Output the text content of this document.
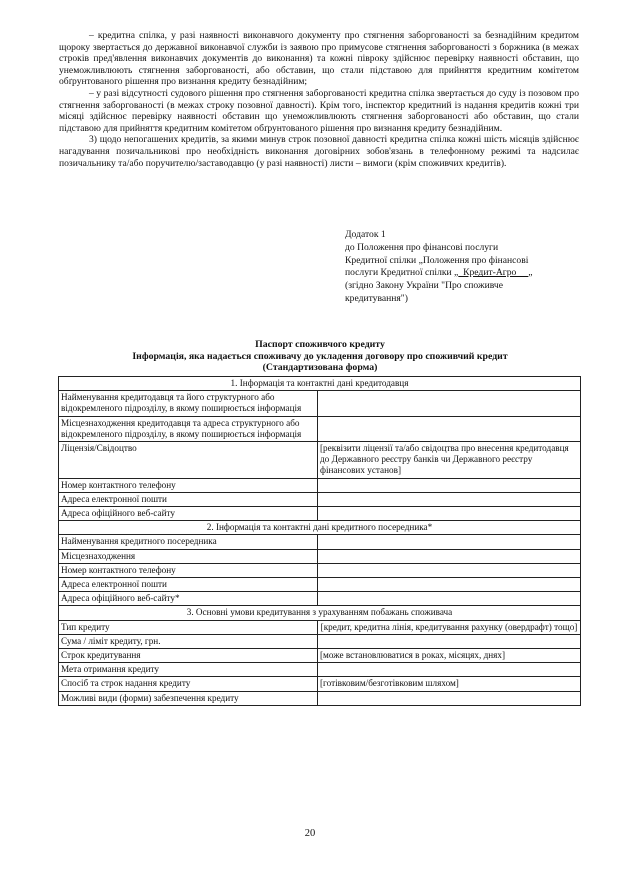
– кредитна спілка, у разі наявності виконавчого документу про стягнення заборгованості за безнадійним кредитом щороку звертається до державної виконавчої служби із заявою про примусове стягнення заборгованості з боржника (в межах строків пред'явлення виконавчих документів до виконання) та кожні півроку здійснює перевірку наявності обставин, що унеможливлюють стягнення заборгованості, або обставин, що стали підставою для прийняття кредитним комітетом обґрунтованого рішення про визнання кредиту безнадійним;

– у разі відсутності судового рішення про стягнення заборгованості кредитна спілка звертається до суду із позовом про стягнення заборгованості (в межах строку позовної давності). Крім того, інспектор кредитний із надання кредитів кожні три місяці здійснює перевірку наявності обставин що унеможливлюють стягнення заборгованості або обставин, що стали підставою для прийняття кредитним комітетом обґрунтованого рішення про визнання кредиту безнадійним.

3) щодо непогашених кредитів, за якими минув строк позовної давності кредитна спілка кожні шість місяців здійснює нагадування позичальникові про необхідність виконання договірних зобов'язань в телефонному режимі та надсилає позичальнику та/або поручителю/заставодавцю (у разі наявності) листи – вимоги (крім споживчих кредитів).

Додаток 1
до Положення про фінансові послуги
Кредитної спілки „Положення про фінансові
послуги Кредитної спілки „  Кредит-Агро     „
(згідно Закону України "Про споживче
кредитування")
Паспорт споживчого кредиту
Інформація, яка надається споживачу до укладення договору про споживчий кредит
(Стандартизована форма)
1. Інформація та контактні дані кредитодавця	
Найменування кредитодавця та його структурного або відокремленого підрозділу, в якому поширюється інформація	
Місцезнаходження кредитодавця та адреса структурного або відокремленого підрозділу, в якому поширюється інформація	
Ліцензія/Свідоцтво	[реквізити ліцензії та/або свідоцтва про внесення кредитодавця до Державного реєстру банків чи Державного реєстру фінансових установ]
Номер контактного телефону	
Адреса електронної пошти	
Адреса офіційного веб-сайту	
2. Інформація та контактні дані кредитного посередника*	
Найменування кредитного посередника	
Місцезнаходження	
Номер контактного телефону	
Адреса електронної пошти	
Адреса офіційного веб-сайту*	
3. Основні умови кредитування з урахуванням побажань споживача	
Тип кредиту	[кредит, кредитна лінія, кредитування рахунку (овердрафт) тощо]
Сума / ліміт кредиту, грн.	
Строк кредитування	[може встановлюватися в роках, місяцях, днях]
Мета отримання кредиту	
Спосіб та строк надання кредиту	[готівковим/безготівковим шляхом]
Можливі види (форми) забезпечення кредиту	
20
